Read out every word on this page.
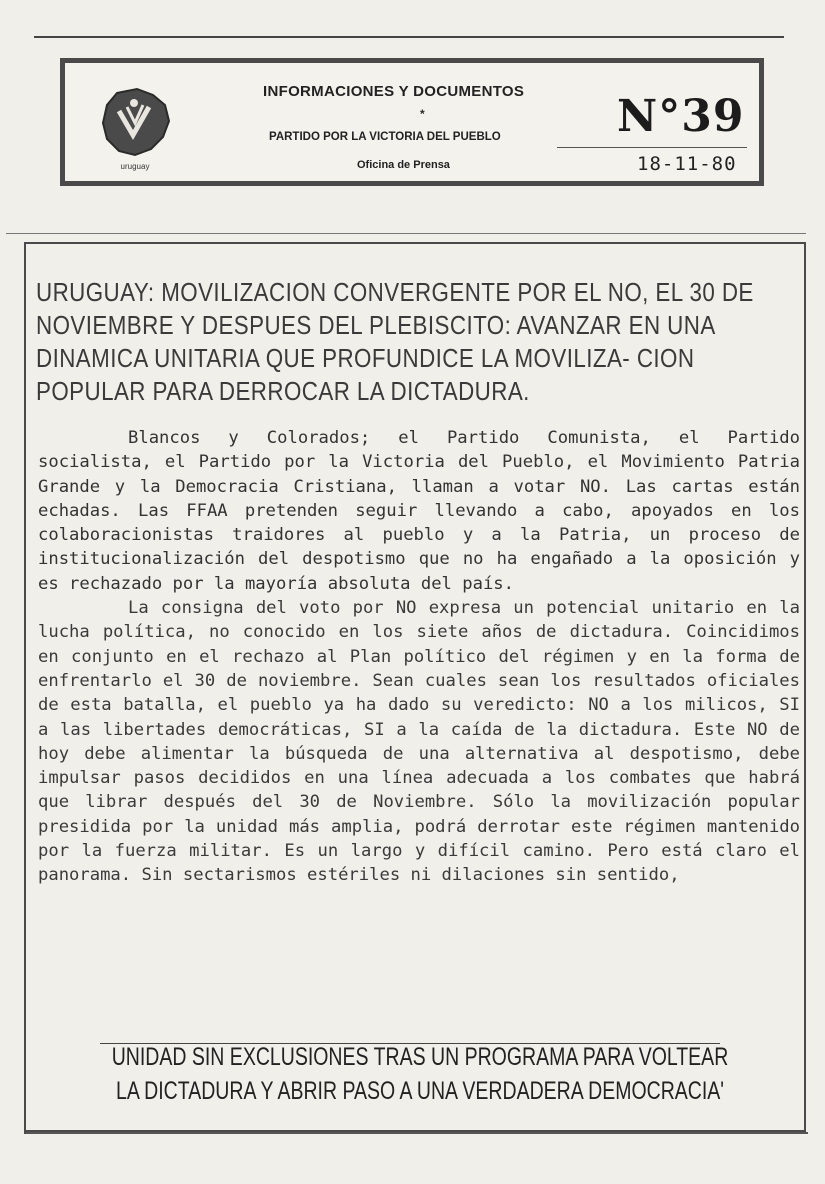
uruguay
INFORMACIONES Y DOCUMENTOS
*
PARTIDO POR LA VICTORIA DEL PUEBLO
Oficina de Prensa
N°39
18-11-80
URUGUAY: MOVILIZACION CONVERGENTE POR EL NO, EL 30 DE NOVIEMBRE Y DESPUES DEL PLEBISCITO: AVANZAR EN UNA DINAMICA UNITARIA QUE PROFUNDICE LA MOVILIZA- CION POPULAR PARA DERROCAR LA DICTADURA.

Blancos y Colorados; el Partido Comunista, el Partido socialista, el Partido por la Victoria del Pueblo, el Movimiento Patria Grande y la Democracia Cristiana, llaman a votar NO. Las cartas están echadas. Las FFAA pretenden seguir llevando a cabo, apoyados en los colaboracionistas traidores al pueblo y a la Patria, un proceso de institucionalización del despotismo que no ha engañado a la oposición y es rechazado por la mayoría absoluta del país.

La consigna del voto por NO expresa un potencial unitario en la lucha política, no conocido en los siete años de dictadura. Coincidimos en conjunto en el rechazo al Plan político del régimen y en la forma de enfrentarlo el 30 de noviembre. Sean cuales sean los resultados oficiales de esta batalla, el pueblo ya ha dado su veredicto: NO a los milicos, SI a las libertades democráticas, SI a la caída de la dictadura. Este NO de hoy debe alimentar la búsqueda de una alternativa al despotismo, debe impulsar pasos decididos en una línea adecuada a los combates que habrá que librar después del 30 de Noviembre. Sólo la movilización popular presidida por la unidad más amplia, podrá derrotar este régimen mantenido por la fuerza militar. Es un largo y difícil camino. Pero está claro el panorama. Sin sectarismos estériles ni dilaciones sin sentido,

UNIDAD SIN EXCLUSIONES TRAS UN PROGRAMA PARA VOLTEAR
LA DICTADURA Y ABRIR PASO A UNA VERDADERA DEMOCRACIA'
